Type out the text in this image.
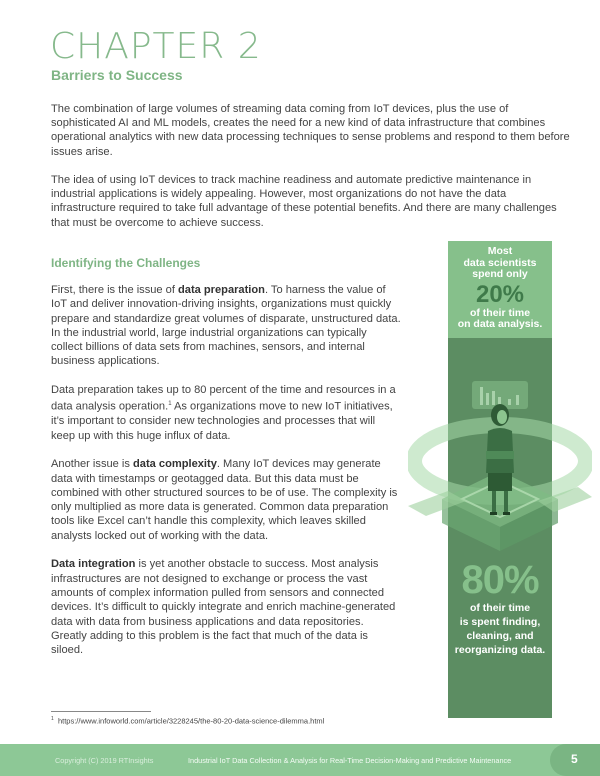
CHAPTER 2
Barriers to Success

The combination of large volumes of streaming data coming from IoT devices, plus the use of sophisticated AI and ML models, creates the need for a new kind of data infrastructure that combines operational analytics with new data processing techniques to sense problems and respond to them before issues arise.

The idea of using IoT devices to track machine readiness and automate predictive maintenance in industrial applications is widely appealing. However, most organizations do not have the data infrastructure required to take full advantage of these potential benefits. And there are many challenges that must be overcome to achieve success.

Identifying the Challenges

First, there is the issue of data preparation. To harness the value of IoT and deliver innovation-driving insights, organizations must quickly prepare and standardize great volumes of disparate, unstructured data. In the industrial world, large industrial organizations can typically collect billions of data sets from machines, sensors, and internal business applications.

Data preparation takes up to 80 percent of the time and resources in a data analysis operation.$^1$ As organizations move to new IoT initiatives, it’s important to consider new technologies and processes that will keep up with this huge influx of data.

Another issue is data complexity. Many IoT devices may generate data with timestamps or geotagged data. But this data must be combined with other structured sources to be of use. The complexity is only multiplied as more data is generated. Common data preparation tools like Excel can’t handle this complexity, which leaves skilled analysts locked out of working with the data.

Data integration is yet another obstacle to success. Most analysis infrastructures are not designed to exchange or process the vast amounts of complex information pulled from sensors and connected devices. It’s difficult to quickly integrate and enrich machine-generated data with data from business applications and data repositories. Greatly adding to this problem is the fact that much of the data is siloed.

Most
data scientists
spend only
20%
of their time
on data analysis.
80%
of their time
is spent finding,
cleaning, and
reorganizing data.
$^1$ https://www.infoworld.com/article/3228245/the-80-20-data-science-dilemma.html
Copyright (C) 2019 RTInsights	Industrial IoT Data Collection & Analysis for Real-Time Decision-Making and Predictive Maintenance	5
